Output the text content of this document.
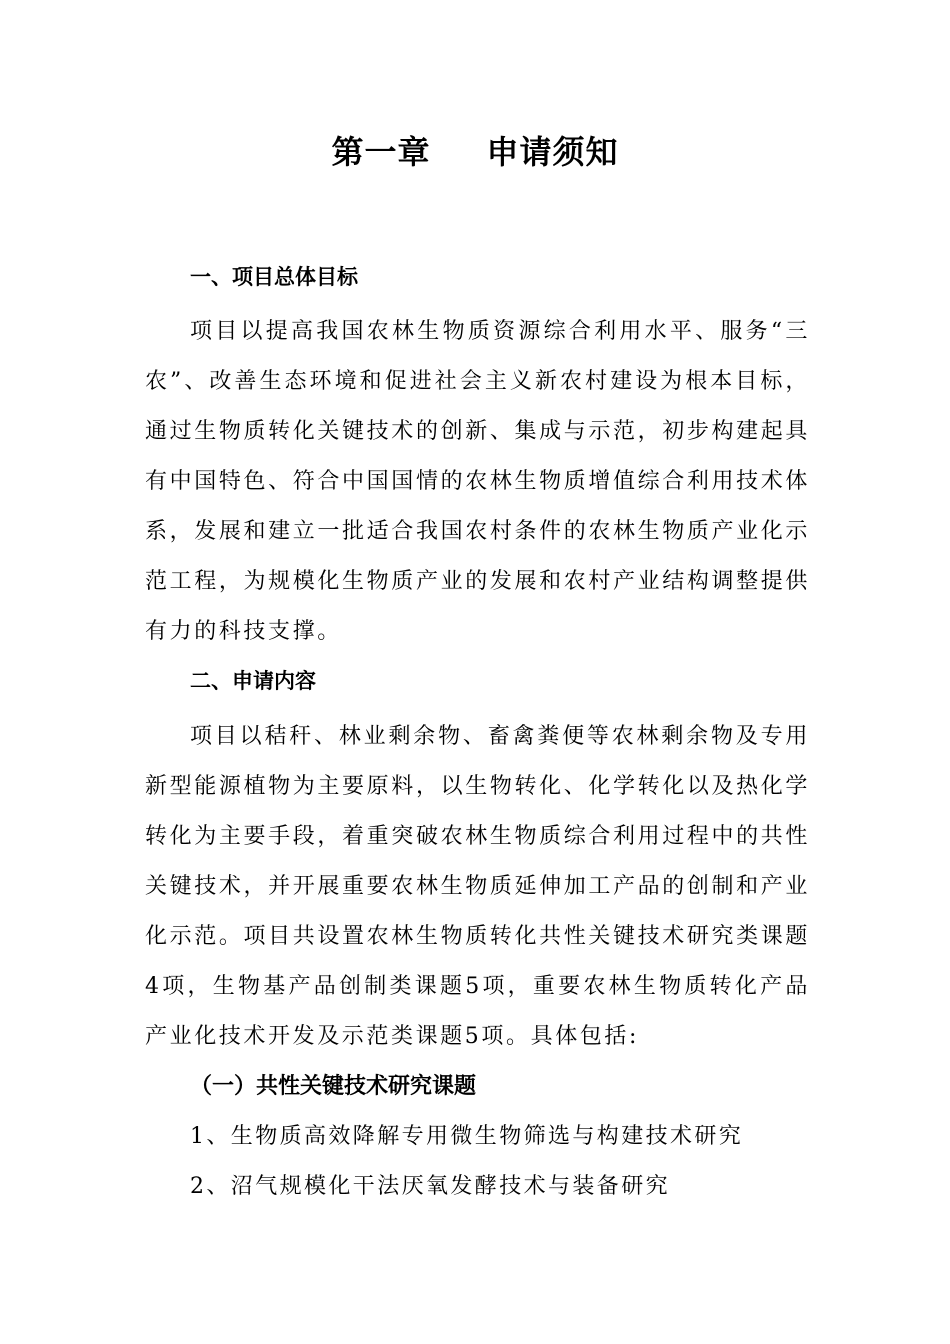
第一章 申请须知
一、项目总体目标

项目以提高我国农林生物质资源综合利用水平、服务“三农”、改善生态环境和促进社会主义新农村建设为根本目标，通过生物质转化关键技术的创新、集成与示范，初步构建起具有中国特色、符合中国国情的农林生物质增值综合利用技术体系，发展和建立一批适合我国农村条件的农林生物质产业化示范工程，为规模化生物质产业的发展和农村产业结构调整提供有力的科技支撑。

二、申请内容

项目以秸秆、林业剩余物、畜禽粪便等农林剩余物及专用新型能源植物为主要原料，以生物转化、化学转化以及热化学转化为主要手段，着重突破农林生物质综合利用过程中的共性关键技术，并开展重要农林生物质延伸加工产品的创制和产业化示范。项目共设置农林生物质转化共性关键技术研究类课题4项，生物基产品创制类课题5项，重要农林生物质转化产品产业化技术开发及示范类课题5项。具体包括:

（一）共性关键技术研究课题
1、生物质高效降解专用微生物筛选与构建技术研究
2、沼气规模化干法厌氧发酵技术与装备研究
